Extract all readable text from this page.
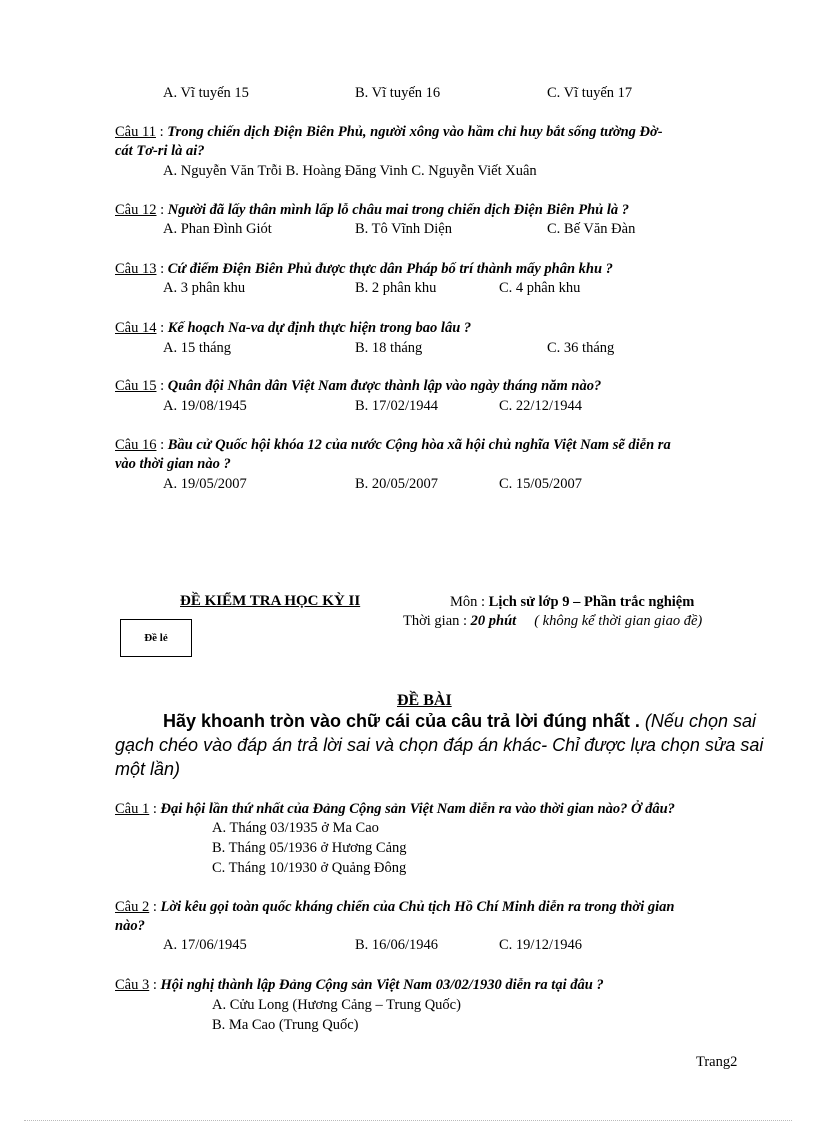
A. Vĩ tuyến 15	B. Vĩ tuyến 16	C. Vĩ tuyến 17
Câu 11 : Trong chiến dịch Điện Biên Phủ, người xông vào hầm chỉ huy bắt sống tường Đờ-
cát Tơ-ri là ai?
A. Nguyễn Văn Trỗi B. Hoàng Đăng Vinh C. Nguyễn Viết Xuân
Câu 12 : Người đã lấy thân mình lấp lỗ châu mai trong chiến dịch Điện Biên Phủ là ?
A. Phan Đình Giót	B. Tô Vĩnh Diện	C. Bế Văn Đàn
Câu 13 : Cứ điểm Điện Biên Phủ được thực dân Pháp bố trí thành mấy phân khu ?
A. 3 phân khu	B. 2 phân khu	C. 4 phân khu
Câu 14 : Kế hoạch Na-va dự định thực hiện trong bao lâu ?
A. 15 tháng	B. 18 tháng	C. 36 tháng
Câu 15 : Quân đội Nhân dân Việt Nam được thành lập vào ngày tháng năm nào?
A. 19/08/1945	B. 17/02/1944	C. 22/12/1944
Câu 16 : Bầu cử Quốc hội khóa 12 của nước Cộng hòa xã hội chủ nghĩa Việt Nam sẽ diễn ra
vào thời gian nào ?
A. 19/05/2007	B. 20/05/2007	C. 15/05/2007
ĐỀ KIỂM TRA HỌC KỲ II	Môn : Lịch sử lớp 9 – Phần trắc nghiệm
Thời gian : 20 phút ( không kể thời gian giao đề)
Đề lẻ
ĐỀ BÀI
Hãy khoanh tròn vào chữ cái của câu trả lời đúng nhất . (Nếu chọn sai
gạch chéo vào đáp án trả lời sai và chọn đáp án khác- Chỉ được lựa chọn sửa sai
một lần)
Câu 1 : Đại hội lần thứ nhất của Đảng Cộng sản Việt Nam diễn ra vào thời gian nào? Ở đâu?
A. Tháng 03/1935 ở Ma Cao
B. Tháng 05/1936 ở Hương Cảng
C. Tháng 10/1930 ở Quảng Đông
Câu 2 : Lời kêu gọi toàn quốc kháng chiến của Chủ tịch Hồ Chí Minh diễn ra trong thời gian
nào?
A. 17/06/1945	B. 16/06/1946	C. 19/12/1946
Câu 3 : Hội nghị thành lập Đảng Cộng sản Việt Nam 03/02/1930 diễn ra tại đâu ?
A. Cửu Long (Hương Cảng – Trung Quốc)
B. Ma Cao (Trung Quốc)
Trang2
